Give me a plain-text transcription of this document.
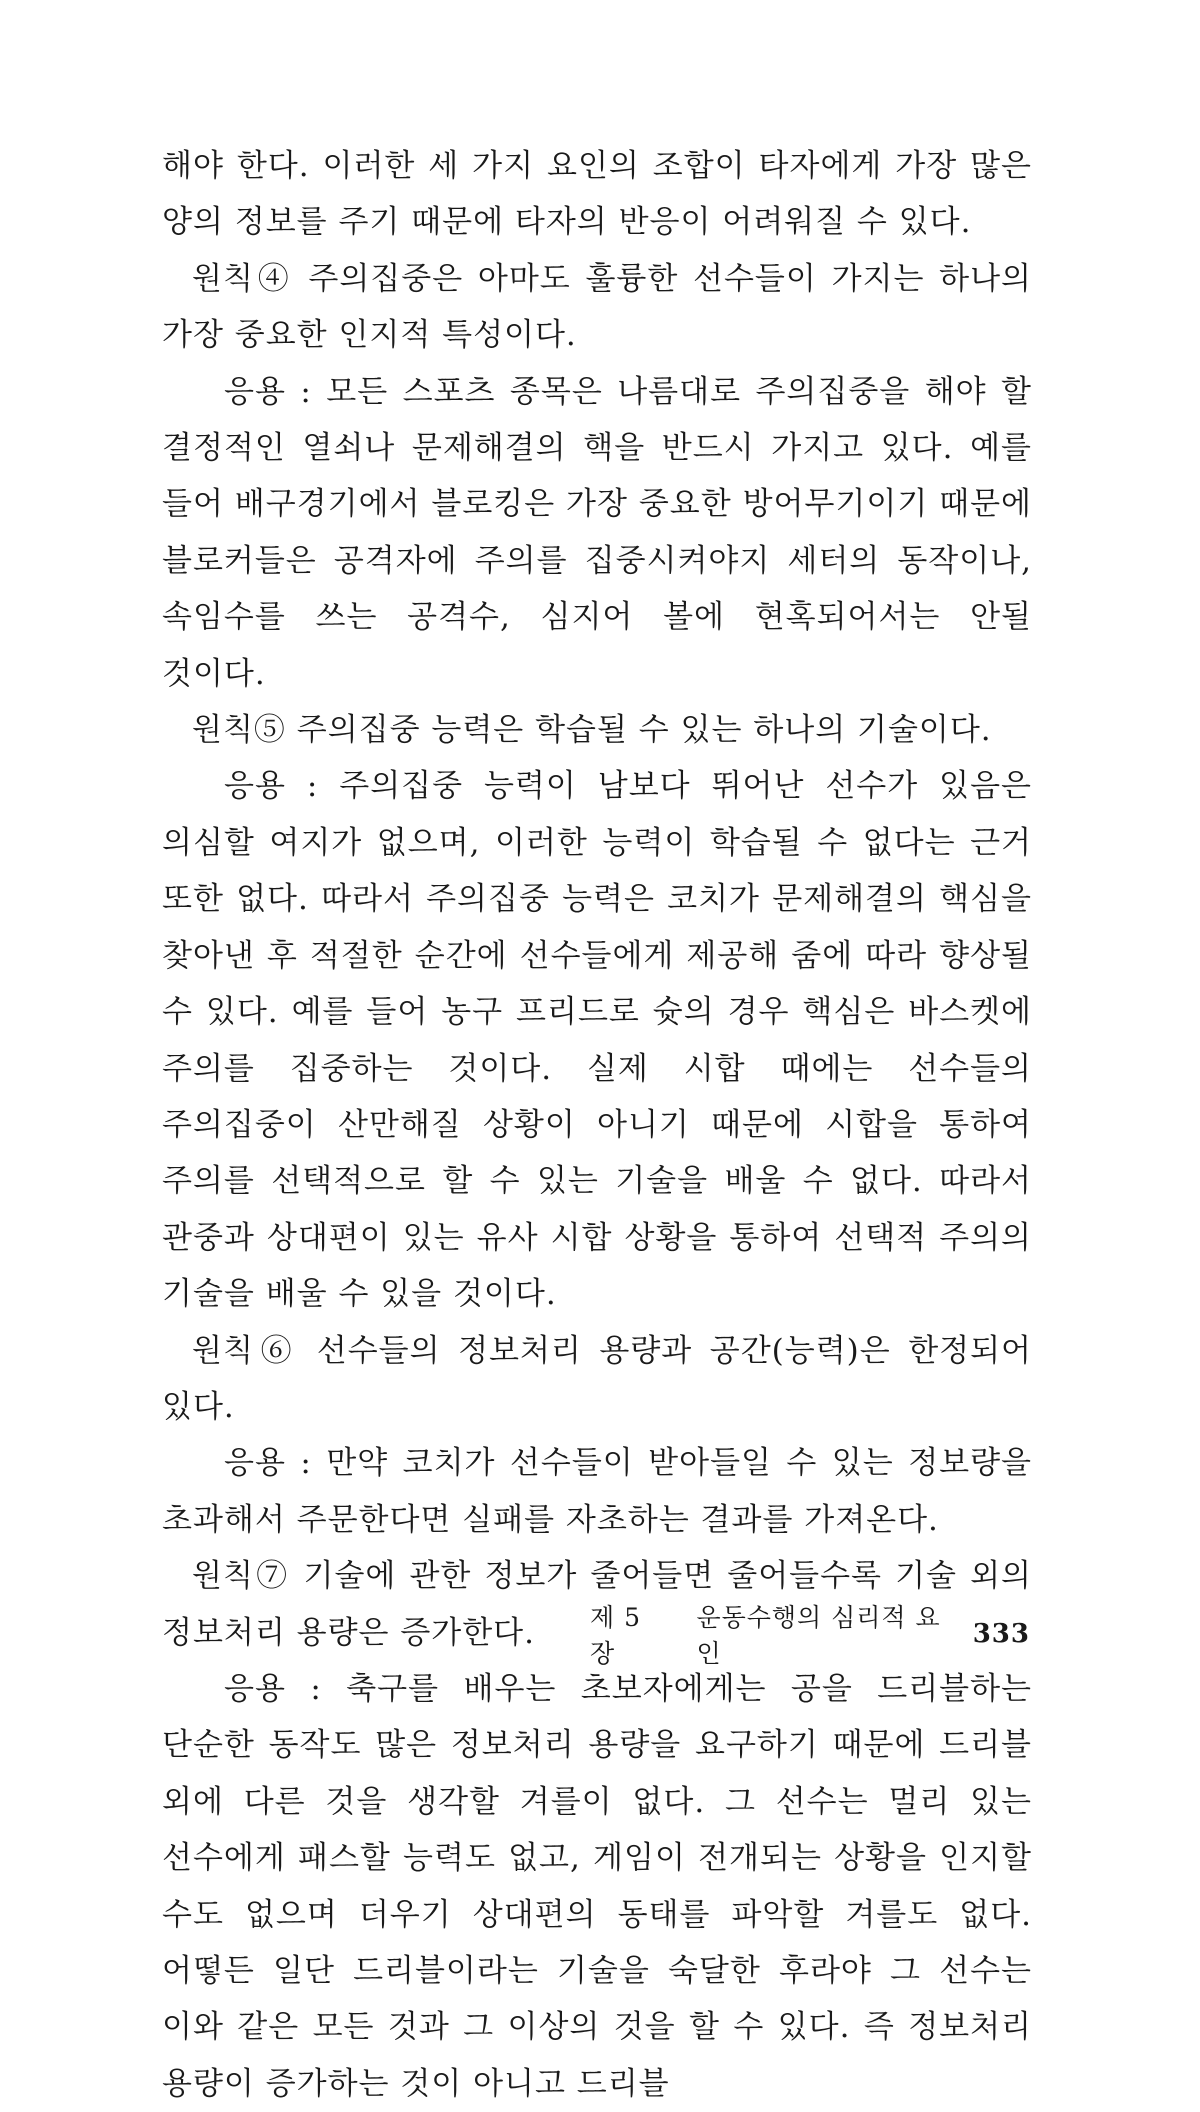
해야 한다. 이러한 세 가지 요인의 조합이 타자에게 가장 많은 양의 정보를 주기 때문에 타자의 반응이 어려워질 수 있다.

원칙④ 주의집중은 아마도 훌륭한 선수들이 가지는 하나의 가장 중요한 인지적 특성이다.

응용 : 모든 스포츠 종목은 나름대로 주의집중을 해야 할 결정적인 열쇠나 문제해결의 핵을 반드시 가지고 있다. 예를 들어 배구경기에서 블로킹은 가장 중요한 방어무기이기 때문에 블로커들은 공격자에 주의를 집중시켜야지 세터의 동작이나, 속임수를 쓰는 공격수, 심지어 볼에 현혹되어서는 안될 것이다.

원칙⑤ 주의집중 능력은 학습될 수 있는 하나의 기술이다.

응용 : 주의집중 능력이 남보다 뛰어난 선수가 있음은 의심할 여지가 없으며, 이러한 능력이 학습될 수 없다는 근거 또한 없다. 따라서 주의집중 능력은 코치가 문제해결의 핵심을 찾아낸 후 적절한 순간에 선수들에게 제공해 줌에 따라 향상될 수 있다. 예를 들어 농구 프리드로 슛의 경우 핵심은 바스켓에 주의를 집중하는 것이다. 실제 시합 때에는 선수들의 주의집중이 산만해질 상황이 아니기 때문에 시합을 통하여 주의를 선택적으로 할 수 있는 기술을 배울 수 없다. 따라서 관중과 상대편이 있는 유사 시합 상황을 통하여 선택적 주의의 기술을 배울 수 있을 것이다.

원칙⑥ 선수들의 정보처리 용량과 공간(능력)은 한정되어 있다.

응용 : 만약 코치가 선수들이 받아들일 수 있는 정보량을 초과해서 주문한다면 실패를 자초하는 결과를 가져온다.

원칙⑦ 기술에 관한 정보가 줄어들면 줄어들수록 기술 외의 정보처리 용량은 증가한다.

응용 : 축구를 배우는 초보자에게는 공을 드리블하는 단순한 동작도 많은 정보처리 용량을 요구하기 때문에 드리블 외에 다른 것을 생각할 겨를이 없다. 그 선수는 멀리 있는 선수에게 패스할 능력도 없고, 게임이 전개되는 상황을 인지할 수도 없으며 더우기 상대편의 동태를 파악할 겨를도 없다. 어떻든 일단 드리블이라는 기술을 숙달한 후라야 그 선수는 이와 같은 모든 것과 그 이상의 것을 할 수 있다. 즉 정보처리 용량이 증가하는 것이 아니고 드리블

제 5 장
운동수행의 심리적 요인
333
